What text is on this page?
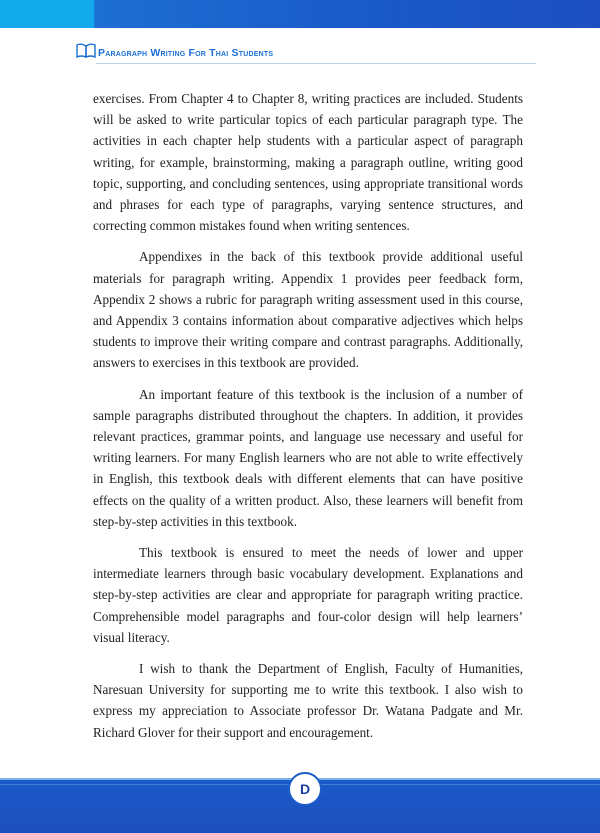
Paragraph Writing For Thai Students

exercises. From Chapter 4 to Chapter 8, writing practices are included. Students will be asked to write particular topics of each particular paragraph type. The activities in each chapter help students with a particular aspect of paragraph writing, for example, brainstorming, making a paragraph outline, writing good topic, supporting, and concluding sentences, using appropriate transitional words and phrases for each type of paragraphs, varying sentence structures, and correcting common mistakes found when writing sentences.

Appendixes in the back of this textbook provide additional useful materials for paragraph writing. Appendix 1 provides peer feedback form, Appendix 2 shows a rubric for paragraph writing assessment used in this course, and Appendix 3 contains information about comparative adjectives which helps students to improve their writing compare and contrast paragraphs. Additionally, answers to exercises in this textbook are provided.

An important feature of this textbook is the inclusion of a number of sample paragraphs distributed throughout the chapters. In addition, it provides relevant practices, grammar points, and language use necessary and useful for writing learners. For many English learners who are not able to write effectively in English, this textbook deals with different elements that can have positive effects on the quality of a written product. Also, these learners will benefit from step-by-step activities in this textbook.

This textbook is ensured to meet the needs of lower and upper intermediate learners through basic vocabulary development. Explanations and step-by-step activities are clear and appropriate for paragraph writing practice. Comprehensible model paragraphs and four-color design will help learners’ visual literacy.

I wish to thank the Department of English, Faculty of Humanities, Naresuan University for supporting me to write this textbook. I also wish to express my appreciation to Associate professor Dr. Watana Padgate and Mr. Richard Glover for their support and encouragement.

D
